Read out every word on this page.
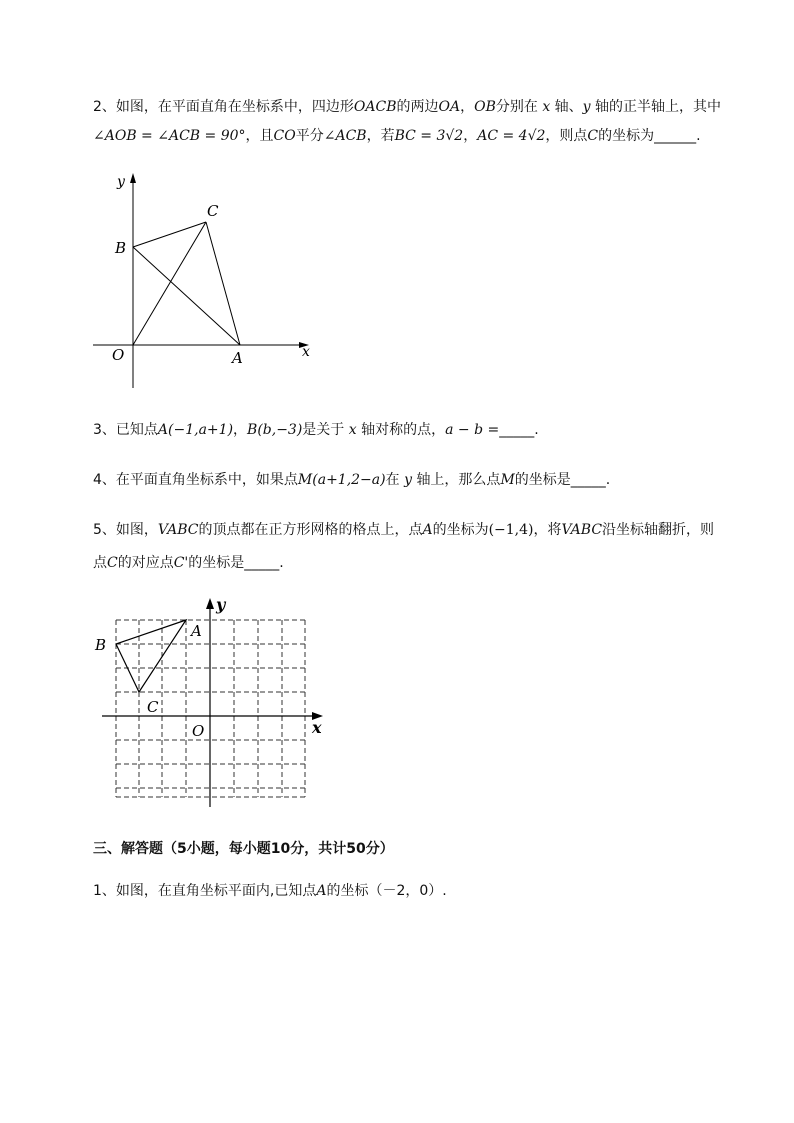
2、如图，在平面直角在坐标系中，四边形OACB的两边OA，OB分别在 x 轴、y 轴的正半轴上，其中
∠AOB = ∠ACB = 90°，且CO平分∠ACB，若BC = 3√2，AC = 4√2，则点C的坐标为______.
y
x
C
B
O	A
3、已知点A(−1,a+1)，B(b,−3)是关于 x 轴对称的点，a − b =_____.
4、在平面直角坐标系中，如果点M(a+1,2−a)在 y 轴上，那么点M的坐标是_____.
5、如图，VABC的顶点都在正方形网格的格点上，点A的坐标为(−1,4)，将VABC沿坐标轴翻折，则
点C的对应点C'的坐标是_____.
y
x
A
B
C
O
三、解答题（5小题，每小题10分，共计50分）
1、如图，在直角坐标平面内,已知点A的坐标（－2，0）.
